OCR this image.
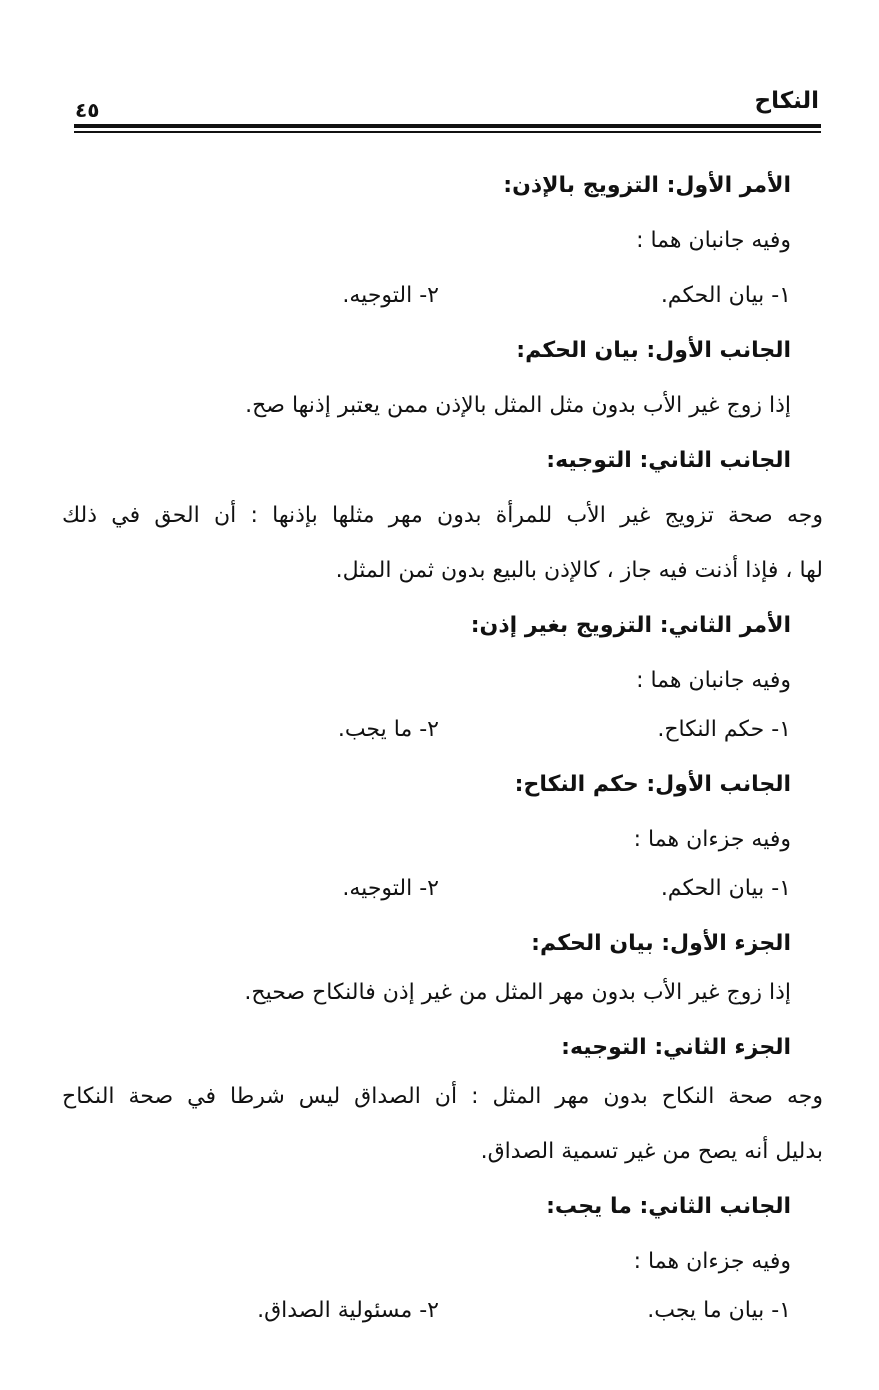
النكاح
٤٥
الأمر الأول: التزويج بالإذن:
وفيه جانبان هما :
١- بيان الحكم.
٢- التوجيه.
الجانب الأول: بيان الحكم:
إذا زوج غير الأب بدون مثل المثل بالإذن ممن يعتبر إذنها صح.
الجانب الثاني: التوجيه:
وجه صحة تزويج غير الأب للمرأة بدون مهر مثلها بإذنها : أن الحق في ذلك
لها ، فإذا أذنت فيه جاز ، كالإذن بالبيع بدون ثمن المثل.
الأمر الثاني: التزويج بغير إذن:
وفيه جانبان هما :
١- حكم النكاح.
٢- ما يجب.
الجانب الأول: حكم النكاح:
وفيه جزءان هما :
١- بيان الحكم.
٢- التوجيه.
الجزء الأول: بيان الحكم:
إذا زوج غير الأب بدون مهر المثل من غير إذن فالنكاح صحيح.
الجزء الثاني: التوجيه:
وجه صحة النكاح بدون مهر المثل : أن الصداق ليس شرطا في صحة النكاح
بدليل أنه يصح من غير تسمية الصداق.
الجانب الثاني: ما يجب:
وفيه جزءان هما :
١- بيان ما يجب.
٢- مسئولية الصداق.
